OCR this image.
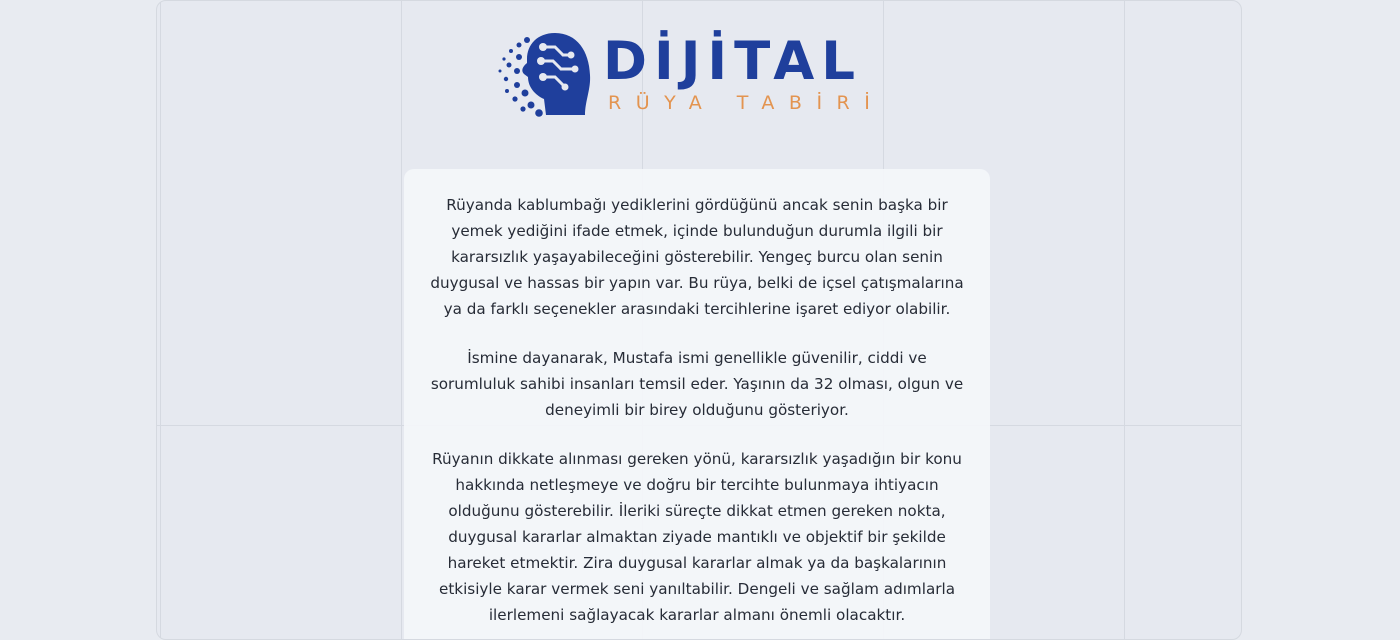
DİJİTAL
RÜYA TABİRİ

Rüyanda kablumbağı yediklerini gördüğünü ancak senin başka bir yemek yediğini ifade etmek, içinde bulunduğun durumla ilgili bir kararsızlık yaşayabileceğini gösterebilir. Yengeç burcu olan senin duygusal ve hassas bir yapın var. Bu rüya, belki de içsel çatışmalarına ya da farklı seçenekler arasındaki tercihlerine işaret ediyor olabilir.

İsmine dayanarak, Mustafa ismi genellikle güvenilir, ciddi ve sorumluluk sahibi insanları temsil eder. Yaşının da 32 olması, olgun ve deneyimli bir birey olduğunu gösteriyor.

Rüyanın dikkate alınması gereken yönü, kararsızlık yaşadığın bir konu hakkında netleşmeye ve doğru bir tercihte bulunmaya ihtiyacın olduğunu gösterebilir. İleriki süreçte dikkat etmen gereken nokta, duygusal kararlar almaktan ziyade mantıklı ve objektif bir şekilde hareket etmektir. Zira duygusal kararlar almak ya da başkalarının etkisiyle karar vermek seni yanıltabilir. Dengeli ve sağlam adımlarla ilerlemeni sağlayacak kararlar almanı önemli olacaktır.
